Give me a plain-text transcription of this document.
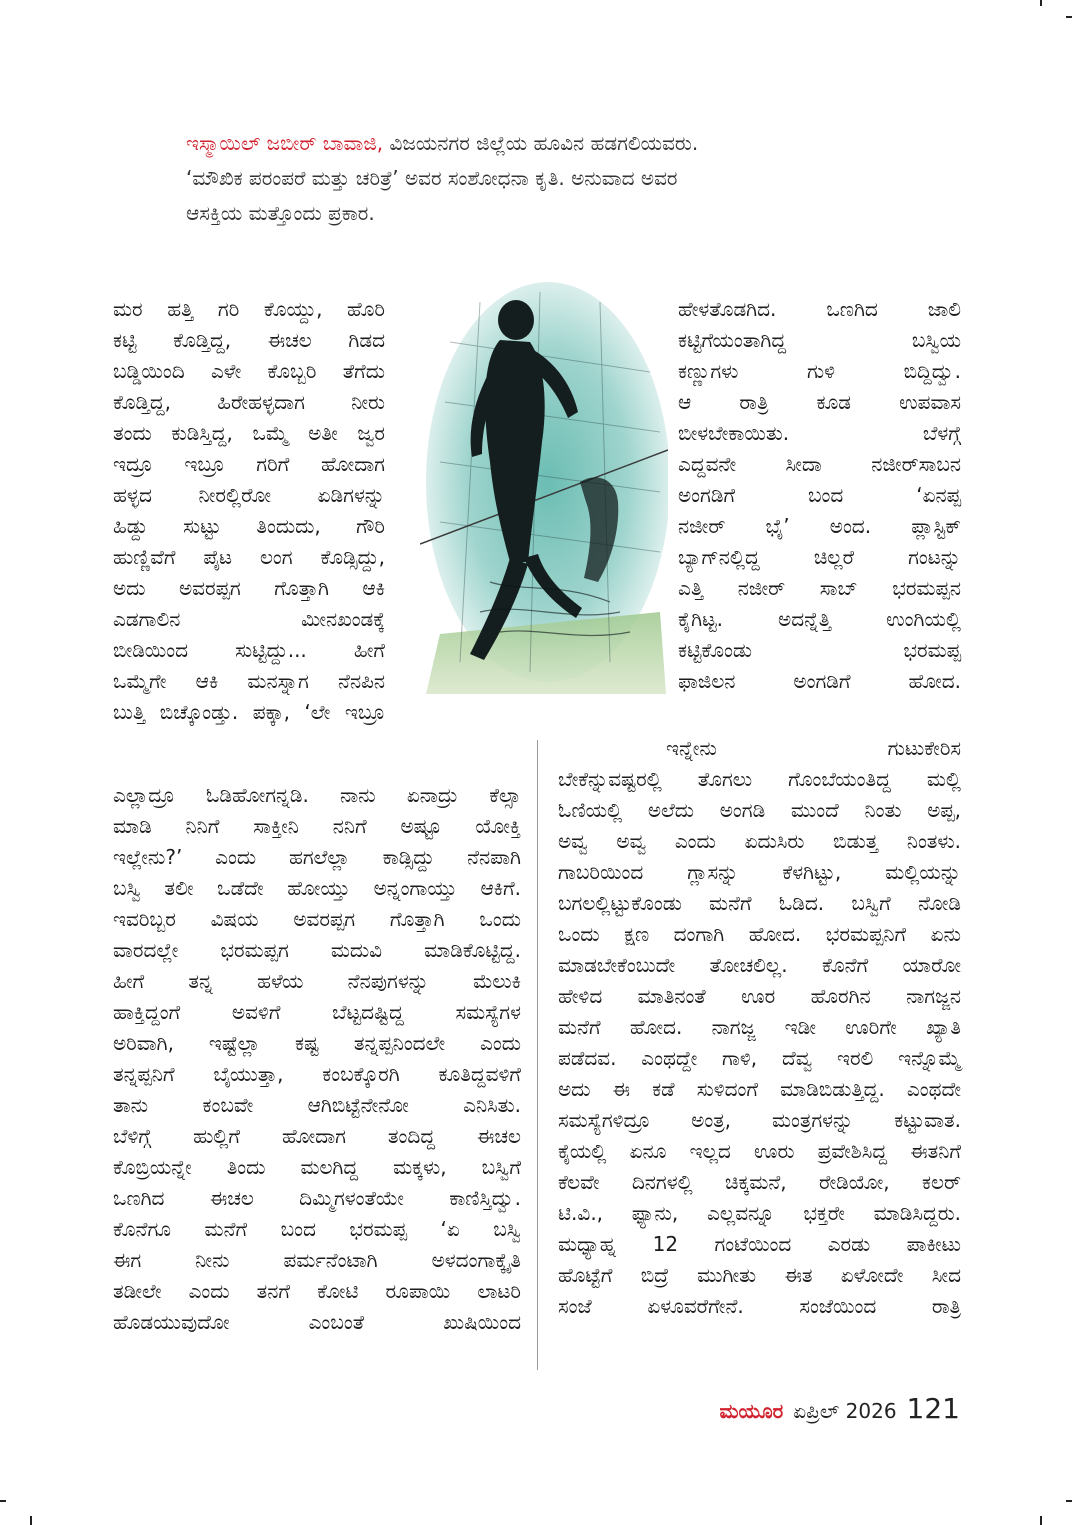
ಇಸ್ಮಾಯಿಲ್ ಜಬೀರ್ ಬಾವಾಜಿ, ವಿಜಯನಗರ ಜಿಲ್ಲೆಯ ಹೂವಿನ ಹಡಗಲಿಯವರು.

‘ಮೌಖಿಕ ಪರಂಪರೆ ಮತ್ತು ಚರಿತ್ರೆ’ ಅವರ ಸಂಶೋಧನಾ ಕೃತಿ. ಅನುವಾದ ಅವರ

ಆಸಕ್ತಿಯ ಮತ್ತೊಂದು ಪ್ರಕಾರ.

ಮರ ಹತ್ತಿ ಗರಿ ಕೊಯ್ದು, ಹೊರಿ

ಕಟ್ಟಿ ಕೊಡ್ತಿದ್ದ, ಈಚಲ ಗಿಡದ

ಬಡ್ಡಿಯಿಂದಿ ಎಳೇ ಕೊಬ್ಬರಿ ತೆಗೆದು

ಕೊಡ್ತಿದ್ದ, ಹಿರೇಹಳ್ಳದಾಗ ನೀರು

ತಂದು ಕುಡಿಸ್ತಿದ್ದ, ಒಮ್ಮೆ ಅತೀ ಜ್ವರ

ಇದ್ರೂ ಇಬ್ರೂ ಗರಿಗೆ ಹೋದಾಗ

ಹಳ್ಳದ ನೀರಲ್ಲಿರೋ ಏಡಿಗಳನ್ನು

ಹಿಡ್ದು ಸುಟ್ಟು ತಿಂದುದು, ಗೌರಿ

ಹುಣ್ಣಿವೆಗೆ ಪೈಟ ಲಂಗ ಕೊಡ್ಸಿದ್ದು,

ಅದು ಅವರಪ್ಪಗ ಗೊತ್ತಾಗಿ ಆಕಿ

ಎಡಗಾಲಿನ ಮೀನಖಂಡಕ್ಕೆ

ಬೀಡಿಯಿಂದ ಸುಟ್ಟಿದ್ದು... ಹೀಗೆ

ಒಮ್ಮೆಗೇ ಆಕಿ ಮನಸ್ನಾಗ ನೆನಪಿನ

ಬುತ್ತಿ ಬಿಚ್ಕೊಂಡ್ತು. ಪಕ್ಕಾ, ‘ಲೇ ಇಬ್ರೂ

ಎಲ್ಲಾದ್ರೂ ಓಡಿಹೋಗನ್ನಡಿ. ನಾನು ಏನಾದ್ರು ಕೆಲ್ಸಾ

ಮಾಡಿ ನಿನಿಗೆ ಸಾಕ್ತೀನಿ ನನಿಗೆ ಅಷ್ಟೂ ಯೋಕ್ತಿ

ಇಲ್ಲೇನು?’ ಎಂದು ಹಗಲೆಲ್ಲಾ ಕಾಡ್ಸಿದ್ದು ನೆನಪಾಗಿ

ಬಸ್ವಿ ತಲೀ ಒಡೆದೇ ಹೋಯ್ತು ಅನ್ನಂಗಾಯ್ತು ಆಕಿಗೆ.

ಇವರಿಬ್ಬರ ವಿಷಯ ಅವರಪ್ಪಗ ಗೊತ್ತಾಗಿ ಒಂದು

ವಾರದಲ್ಲೇ ಭರಮಪ್ಪಗ ಮದುವಿ ಮಾಡಿಕೊಟ್ಟಿದ್ದ.

ಹೀಗೆ ತನ್ನ ಹಳೆಯ ನೆನಪುಗಳನ್ನು ಮೆಲುಕಿ

ಹಾಕ್ತಿದ್ದಂಗೆ ಅವಳಿಗೆ ಬೆಟ್ಟದಷ್ಟಿದ್ದ ಸಮಸ್ಯೆಗಳ

ಅರಿವಾಗಿ, ಇಷ್ಟೆಲ್ಲಾ ಕಷ್ಟ ತನ್ನಪ್ಪನಿಂದಲೇ ಎಂದು

ತನ್ನಪ್ಪನಿಗೆ ಬೈಯುತ್ತಾ, ಕಂಬಕ್ಕೊರಗಿ ಕೂತಿದ್ದವಳಿಗೆ

ತಾನು ಕಂಬವೇ ಆಗಿಬಿಟ್ಟೆನೇನೋ ಎನಿಸಿತು.

ಬೆಳಿಗ್ಗೆ ಹುಲ್ಲಿಗೆ ಹೋದಾಗ ತಂದಿದ್ದ ಈಚಲ

ಕೊಬ್ರಿಯನ್ನೇ ತಿಂದು ಮಲಗಿದ್ದ ಮಕ್ಕಳು, ಬಸ್ವಿಗೆ

ಒಣಗಿದ ಈಚಲ ದಿಮ್ಮಿಗಳಂತೆಯೇ ಕಾಣಿಸ್ತಿದ್ವು.

ಕೊನೆಗೂ ಮನೆಗೆ ಬಂದ ಭರಮಪ್ಪ ‘ಏ ಬಸ್ವಿ

ಈಗ ನೀನು ಪರ್ಮನೆಂಟಾಗಿ ಅಳದಂಗಾಕ್ಕೈತಿ

ತಡೀಲೇ ಎಂದು ತನಗೆ ಕೋಟಿ ರೂಪಾಯಿ ಲಾಟರಿ

ಹೊಡಯುವುದೋ ಎಂಬಂತೆ ಖುಷಿಯಿಂದ

ಹೇಳತೊಡಗಿದ. ಒಣಗಿದ ಜಾಲಿ

ಕಟ್ಟಿಗೆಯಂತಾಗಿದ್ದ ಬಸ್ವಿಯ

ಕಣ್ಣುಗಳು ಗುಳಿ ಬಿದ್ದಿದ್ವು.

ಆ ರಾತ್ರಿ ಕೂಡ ಉಪವಾಸ

ಬೀಳಬೇಕಾಯಿತು. ಬೆಳಗ್ಗೆ

ಎದ್ದವನೇ ಸೀದಾ ನಜೀರ್‌ಸಾಬನ

ಅಂಗಡಿಗೆ ಬಂದ ‘ಏನಪ್ಪ

ನಜೀರ್ ಭೈ’ ಅಂದ. ಪ್ಲಾಸ್ಟಿಕ್

ಬ್ಯಾಗ್‌ನಲ್ಲಿದ್ದ ಚಿಲ್ಲರೆ ಗಂಟನ್ನು

ಎತ್ತಿ ನಜೀರ್ ಸಾಬ್ ಭರಮಪ್ಪನ

ಕೈಗಿಟ್ಟ. ಅದನ್ನೆತ್ತಿ ಉಂಗಿಯಲ್ಲಿ

ಕಟ್ಟಿಕೊಂಡು ಭರಮಪ್ಪ

ಫಾಜಿಲನ ಅಂಗಡಿಗೆ ಹೋದ.

ಇನ್ನೇನು ಗುಟುಕೇರಿಸ

ಬೇಕೆನ್ನುವಷ್ಟರಲ್ಲಿ ತೊಗಲು ಗೊಂಬೆಯಂತಿದ್ದ ಮಲ್ಲಿ

ಓಣಿಯಲ್ಲಿ ಅಲೆದು ಅಂಗಡಿ ಮುಂದೆ ನಿಂತು ಅಪ್ಪ,

ಅವ್ವ ಅವ್ವ ಎಂದು ಏದುಸಿರು ಬಿಡುತ್ತ ನಿಂತಳು.

ಗಾಬರಿಯಿಂದ ಗ್ಲಾಸನ್ನು ಕೆಳಗಿಟ್ಟು, ಮಲ್ಲಿಯನ್ನು

ಬಗಲಲ್ಲಿಟ್ಟುಕೊಂಡು ಮನೆಗೆ ಓಡಿದ. ಬಸ್ವಿಗೆ ನೋಡಿ

ಒಂದು ಕ್ಷಣ ದಂಗಾಗಿ ಹೋದ. ಭರಮಪ್ಪನಿಗೆ ಏನು

ಮಾಡಬೇಕೆಂಬುದೇ ತೋಚಲಿಲ್ಲ. ಕೊನೆಗೆ ಯಾರೋ

ಹೇಳಿದ ಮಾತಿನಂತೆ ಊರ ಹೊರಗಿನ ನಾಗಜ್ಜನ

ಮನೆಗೆ ಹೋದ. ನಾಗಜ್ಜ ಇಡೀ ಊರಿಗೇ ಖ್ಯಾತಿ

ಪಡೆದವ. ಎಂಥದ್ದೇ ಗಾಳಿ, ದೆವ್ವ ಇರಲಿ ಇನ್ನೊಮ್ಮೆ

ಅದು ಈ ಕಡೆ ಸುಳಿದಂಗೆ ಮಾಡಿಬಿಡುತ್ತಿದ್ದ. ಎಂಥದೇ

ಸಮಸ್ಯೆಗಳಿದ್ರೂ ಅಂತ್ರ, ಮಂತ್ರಗಳನ್ನು ಕಟ್ಟುವಾತ.

ಕೈಯಲ್ಲಿ ಏನೂ ಇಲ್ಲದ ಊರು ಪ್ರವೇಶಿಸಿದ್ದ ಈತನಿಗೆ

ಕೆಲವೇ ದಿನಗಳಲ್ಲಿ ಚಿಕ್ಕಮನೆ, ರೇಡಿಯೋ, ಕಲರ್

ಟಿ.ವಿ., ಫ್ಯಾನು, ಎಲ್ಲವನ್ನೂ ಭಕ್ತರೇ ಮಾಡಿಸಿದ್ದರು.

ಮಧ್ಯಾಹ್ನ 12 ಗಂಟೆಯಿಂದ ಎರಡು ಪಾಕೀಟು

ಹೊಟ್ಟೆಗೆ ಬಿದ್ರೆ ಮುಗೀತು ಈತ ಏಳೋದೇ ಸೀದ

ಸಂಜೆ ಏಳೂವರೆಗೇನೆ. ಸಂಜೆಯಿಂದ ರಾತ್ರಿ

ಮಯೂರ ಏಪ್ರಿಲ್ 2026 121
